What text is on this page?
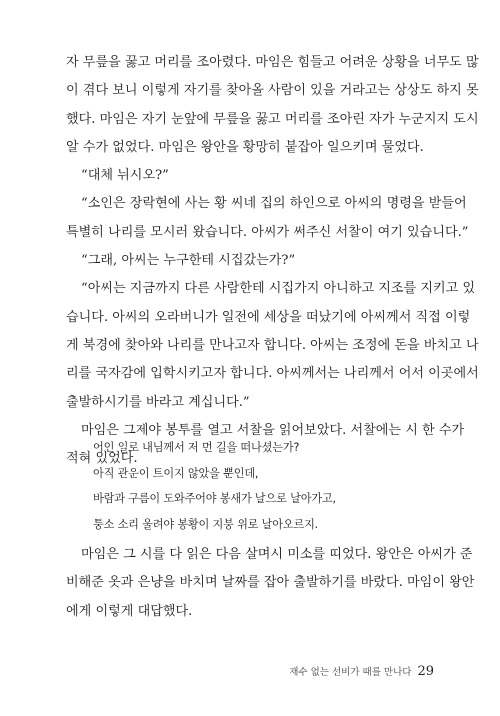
자 무릎을 꿇고 머리를 조아렸다. 마임은 힘들고 어려운 상황을 너무도 많
이 겪다 보니 이렇게 자기를 찾아올 사람이 있을 거라고는 상상도 하지 못
했다. 마임은 자기 눈앞에 무릎을 꿇고 머리를 조아린 자가 누군지지 도시
알 수가 없었다. 마임은 왕안을 황망히 붙잡아 일으키며 물었다.
“대체 뉘시오?”
“소인은 장락현에 사는 황 씨네 집의 하인으로 아씨의 명령을 받들어
특별히 나리를 모시러 왔습니다. 아씨가 써주신 서찰이 여기 있습니다.”
“그래, 아씨는 누구한테 시집갔는가?”
“아씨는 지금까지 다른 사람한테 시집가지 아니하고 지조를 지키고 있
습니다. 아씨의 오라버니가 일전에 세상을 떠났기에 아씨께서 직접 이렇
게 북경에 찾아와 나리를 만나고자 합니다. 아씨는 조정에 돈을 바치고 나
리를 국자감에 입학시키고자 합니다. 아씨께서는 나리께서 어서 이곳에서
출발하시기를 바라고 계십니다.”
마임은 그제야 봉투를 열고 서찰을 읽어보았다. 서찰에는 시 한 수가
적혀 있었다.
어인 일로 내님께서 저 먼 길을 떠나셨는가?
아직 관운이 트이지 않았을 뿐인데,
바람과 구름이 도와주어야 봉새가 날으로 날아가고,
퉁소 소리 울려야 봉황이 지붕 위로 날아오르지.
마임은 그 시를 다 읽은 다음 살며시 미소를 띠었다. 왕안은 아씨가 준
비해준 옷과 은냥을 바치며 날짜를 잡아 출발하기를 바랐다. 마임이 왕안
에게 이렇게 대답했다.
재수 없는 선비가 때를 만나다 29
